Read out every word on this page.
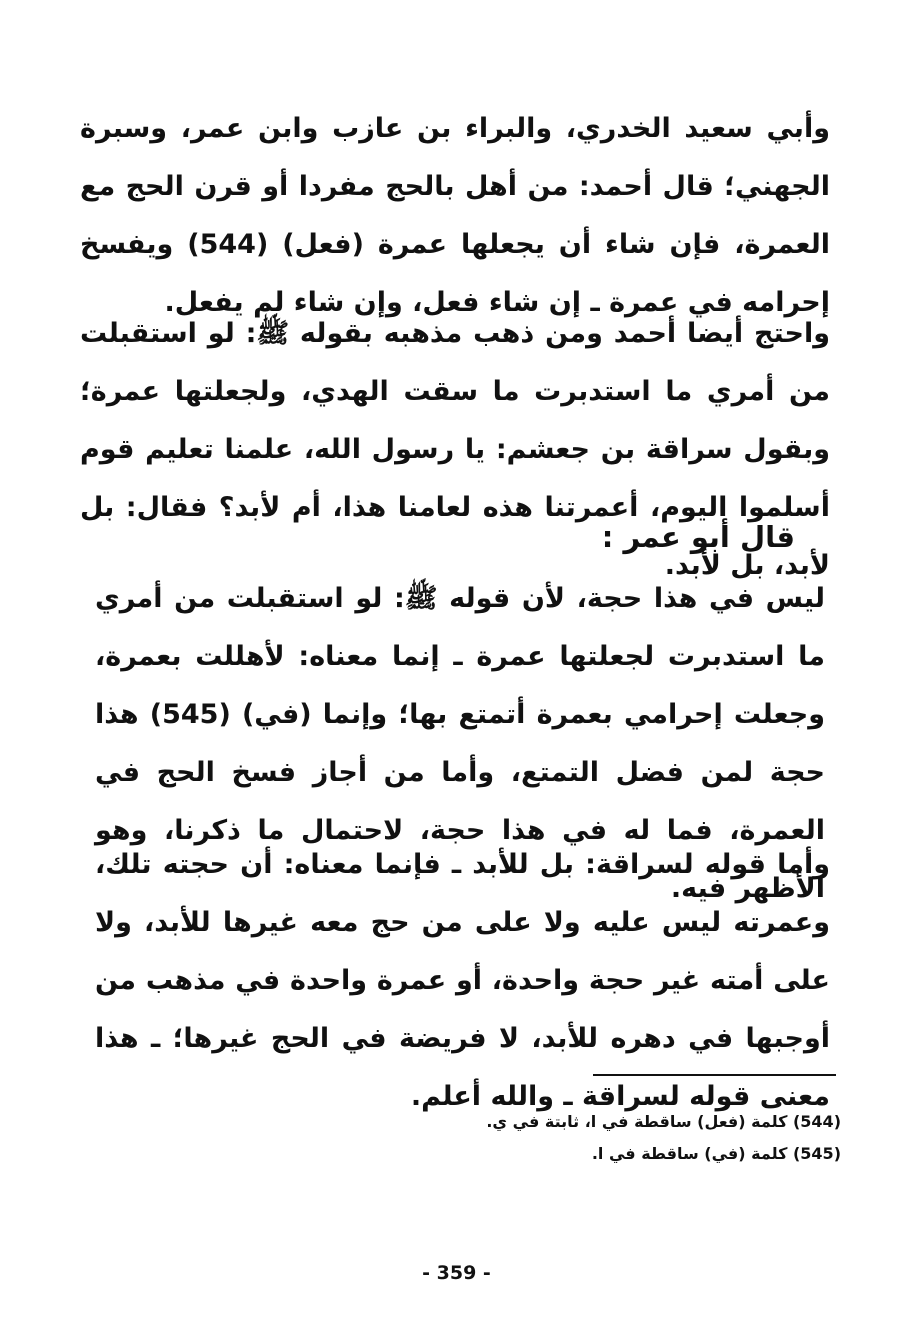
وأبي سعيد الخدري، والبراء بن عازب وابن عمر، وسبرة الجهني؛ قال أحمد: من أهل بالحج مفردا أو قرن الحج مع العمرة، فإن شاء أن يجعلها عمرة (فعل) (544) ويفسخ إحرامه في عمرة ـ إن شاء فعل، وإن شاء لم يفعل.

واحتج أيضا أحمد ومن ذهب مذهبه بقوله ﷺ: لو استقبلت من أمري ما استدبرت ما سقت الهدي، ولجعلتها عمرة؛ وبقول سراقة بن جعشم: يا رسول الله، علمنا تعليم قوم أسلموا اليوم، أعمرتنا هذه لعامنا هذا، أم لأبد؟ فقال: بل لأبد، بل لأبد.

قال أبو عمر :

ليس في هذا حجة، لأن قوله ﷺ: لو استقبلت من أمري ما استدبرت لجعلتها عمرة ـ إنما معناه: لأهللت بعمرة، وجعلت إحرامي بعمرة أتمتع بها؛ وإنما (في) (545) هذا حجة لمن فضل التمتع، وأما من أجاز فسخ الحج في العمرة، فما له في هذا حجة، لاحتمال ما ذكرنا، وهو الأظهر فيه.

وأما قوله لسراقة: بل للأبد ـ فإنما معناه: أن حجته تلك، وعمرته ليس عليه ولا على من حج معه غيرها للأبد، ولا على أمته غير حجة واحدة، أو عمرة واحدة في مذهب من أوجبها في دهره للأبد، لا فريضة في الحج غيرها؛ ـ هذا معنى قوله لسراقة ـ والله أعلم.

(544) كلمة (فعل) ساقطة في ا، ثابتة في ي.
(545) كلمة (في) ساقطة في ا.
- 359 -
